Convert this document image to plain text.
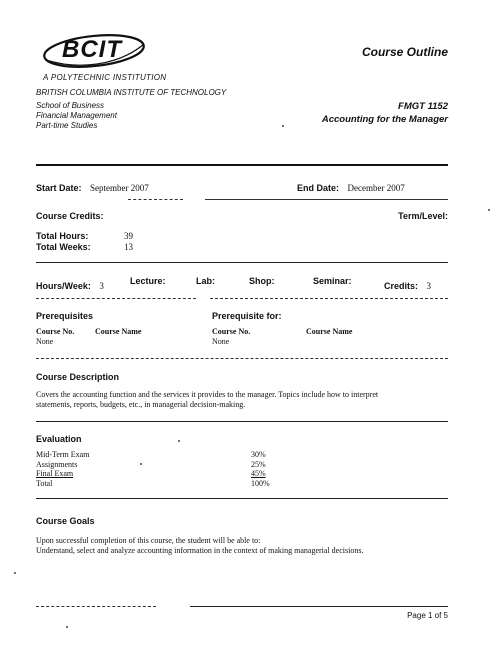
BCIT
A POLYTECHNIC INSTITUTION
BRITISH COLUMBIA INSTITUTE OF TECHNOLOGY
School of Business
Financial Management
Part-time Studies
Course Outline
FMGT 1152
Accounting for the Manager
Start Date: September 2007	End Date: December 2007
Course Credits:	Term/Level:
Total Hours:	39
Total Weeks:	13
Hours/Week: 3	Lecture:	Lab:	Shop:	Seminar:	Credits: 3
Prerequisites	Prerequisite for:
Course No.	Course Name
None
Course No.	Course Name
None
Course Description
Covers the accounting function and the services it provides to the manager. Topics include how to interpret
statements, reports, budgets, etc., in managerial decision-making.
Evaluation
Mid-Term Exam	30%
Assignments	25%
Final Exam	45%
Total	100%
Course Goals
Upon successful completion of this course, the student will be able to:
Understand, select and analyze accounting information in the context of making managerial decisions.
Page 1 of 5
